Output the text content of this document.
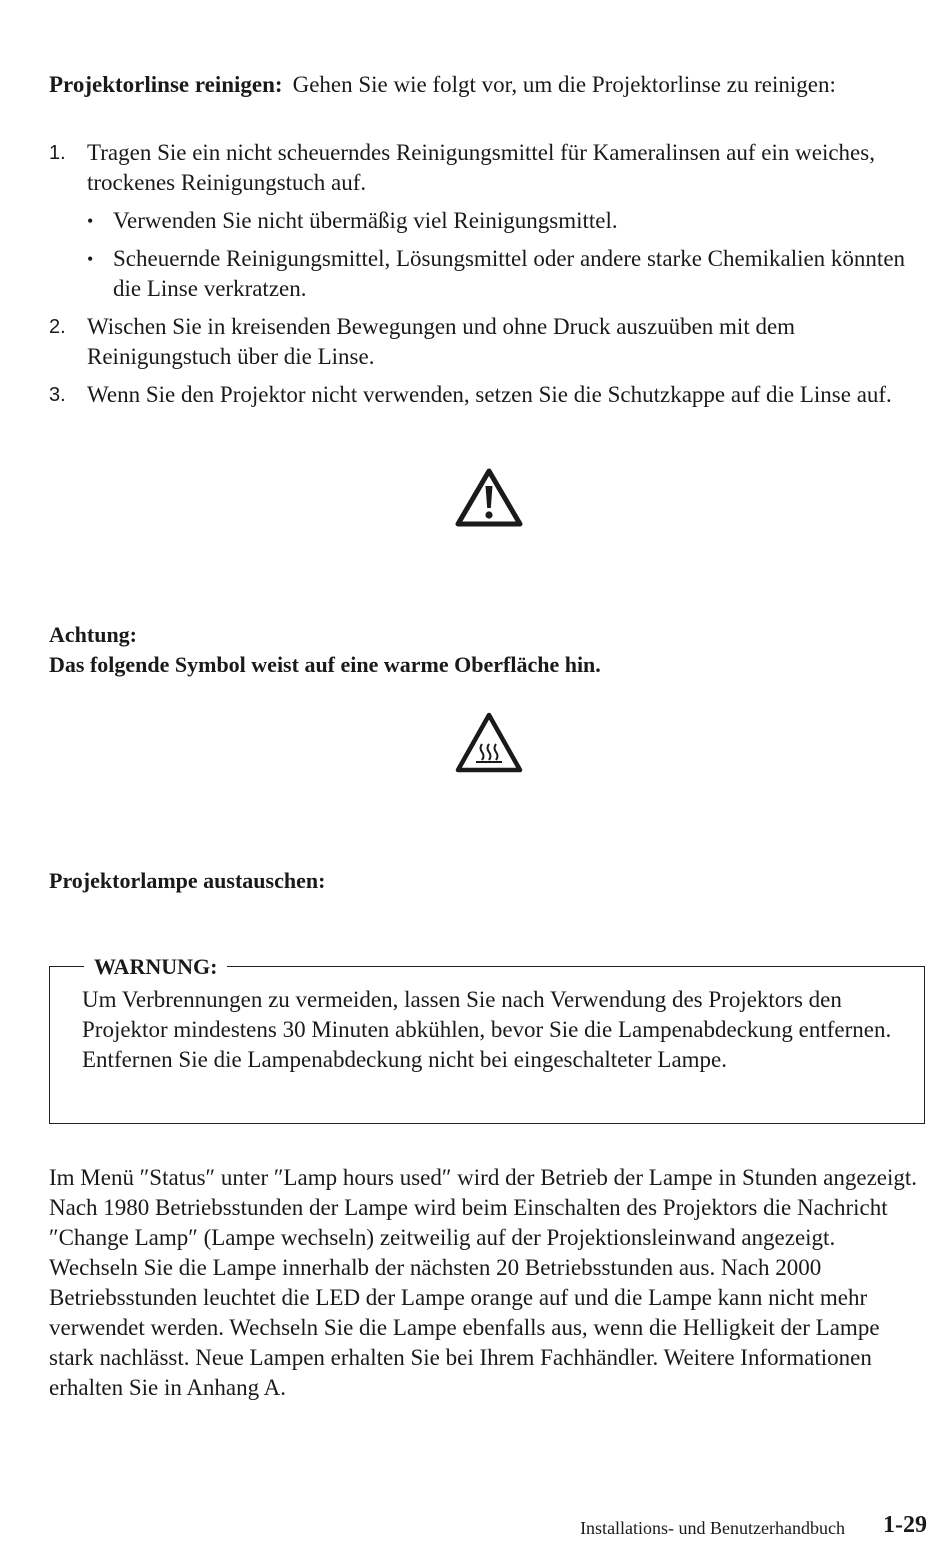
Projektorlinse reinigen: Gehen Sie wie folgt vor, um die Projektorlinse zu reinigen:

1. Tragen Sie ein nicht scheuerndes Reinigungsmittel für Kameralinsen auf ein weiches, trockenes Reinigungstuch auf.
• Verwenden Sie nicht übermäßig viel Reinigungsmittel.
• Scheuernde Reinigungsmittel, Lösungsmittel oder andere starke Chemikalien könnten die Linse verkratzen.
2. Wischen Sie in kreisenden Bewegungen und ohne Druck auszuüben mit dem Reinigungstuch über die Linse.
3. Wenn Sie den Projektor nicht verwenden, setzen Sie die Schutzkappe auf die Linse auf.

Achtung:

Das folgende Symbol weist auf eine warme Oberfläche hin.

Projektorlampe austauschen:

WARNUNG:

Um Verbrennungen zu vermeiden, lassen Sie nach Verwendung des Projektors den Projektor mindestens 30 Minuten abkühlen, bevor Sie die Lampenabdeckung entfernen. Entfernen Sie die Lampenabdeckung nicht bei eingeschalteter Lampe.

Im Menü ″Status″ unter ″Lamp hours used″ wird der Betrieb der Lampe in Stunden angezeigt. Nach 1980 Betriebsstunden der Lampe wird beim Einschalten des Projektors die Nachricht ″Change Lamp″ (Lampe wechseln) zeitweilig auf der Projektionsleinwand angezeigt. Wechseln Sie die Lampe innerhalb der nächsten 20 Betriebsstunden aus. Nach 2000 Betriebsstunden leuchtet die LED der Lampe orange auf und die Lampe kann nicht mehr verwendet werden. Wechseln Sie die Lampe ebenfalls aus, wenn die Helligkeit der Lampe stark nachlässt. Neue Lampen erhalten Sie bei Ihrem Fachhändler. Weitere Informationen erhalten Sie in Anhang A.

Installations- und Benutzerhandbuch 1-29
